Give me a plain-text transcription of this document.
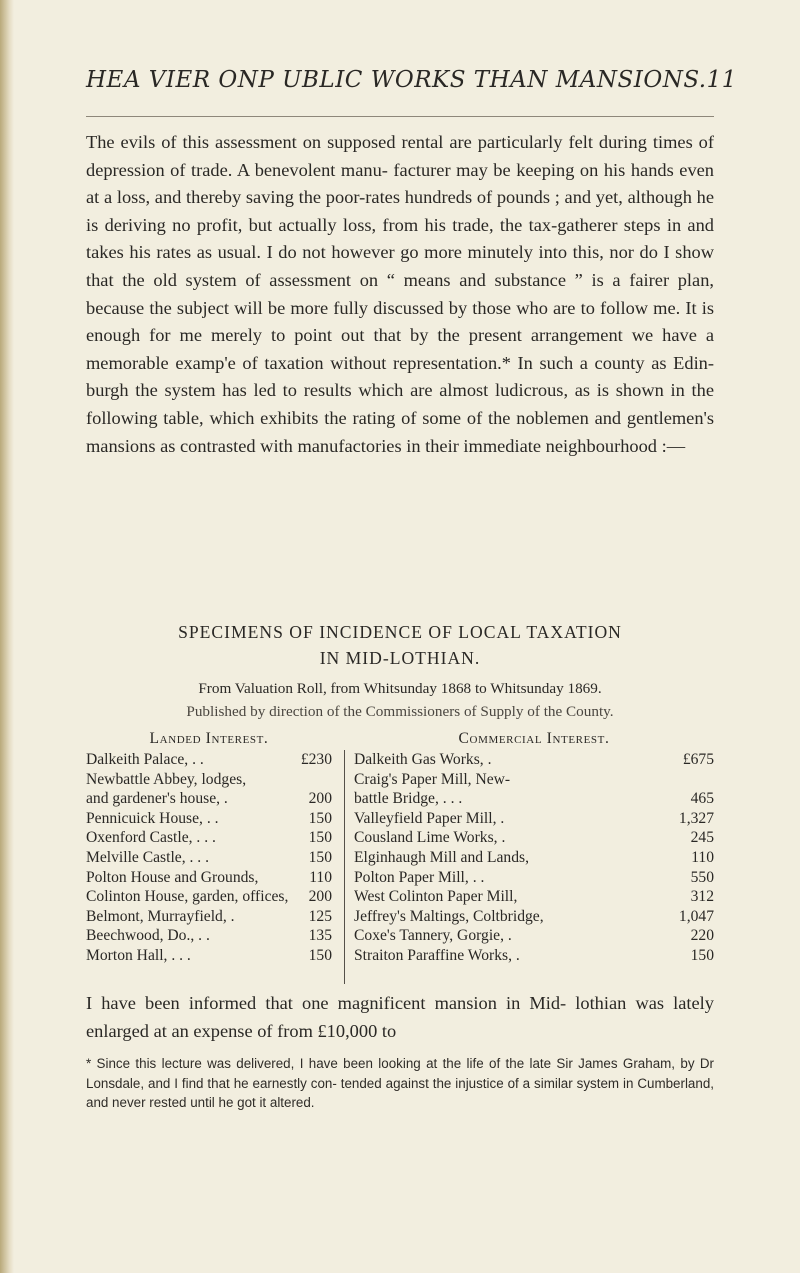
HEA VIER ONP UBLIC WORKS THAN MANSIONS. 11

The evils of this assessment on supposed rental are particularly felt during times of depression of trade. A benevolent manu- facturer may be keeping on his hands even at a loss, and thereby saving the poor-rates hundreds of pounds ; and yet, although he is deriving no profit, but actually loss, from his trade, the tax-gatherer steps in and takes his rates as usual. I do not however go more minutely into this, nor do I show that the old system of assessment on “ means and substance ” is a fairer plan, because the subject will be more fully discussed by those who are to follow me. It is enough for me merely to point out that by the present arrangement we have a memorable examp'e of taxation without representation.* In such a county as Edin- burgh the system has led to results which are almost ludicrous, as is shown in the following table, which exhibits the rating of some of the noblemen and gentlemen's mansions as contrasted with manufactories in their immediate neighbourhood :—

SPECIMENS OF INCIDENCE OF LOCAL TAXATION
IN MID-LOTHIAN.
From Valuation Roll, from Whitsunday 1868 to Whitsunday 1869.
Published by direction of the Commissioners of Supply of the County.
Landed Interest.
Dalkeith Palace, . .	£230
Newbattle Abbey, lodges,
and gardener's house, .	200
Pennicuick House, . .	150
Oxenford Castle, . . .	150
Melville Castle, . . .	150
Polton House and Grounds,	110
Colinton House, garden, offices,	200
Belmont, Murrayfield, .	125
Beechwood, Do., . .	135
Morton Hall, . . .	150
Commercial Interest.
Dalkeith Gas Works, .	£675
Craig's Paper Mill, New-
battle Bridge, . . .	465
Valleyfield Paper Mill, .	1,327
Cousland Lime Works, .	245
Elginhaugh Mill and Lands,	110
Polton Paper Mill, . .	550
West Colinton Paper Mill,	312
Jeffrey's Maltings, Coltbridge,	1,047
Coxe's Tannery, Gorgie, .	220
Straiton Paraffine Works, .	150
I have been informed that one magnificent mansion in Mid- lothian was lately enlarged at an expense of from £10,000 to
* Since this lecture was delivered, I have been looking at the life of the late Sir James Graham, by Dr Lonsdale, and I find that he earnestly con- tended against the injustice of a similar system in Cumberland, and never rested until he got it altered.
